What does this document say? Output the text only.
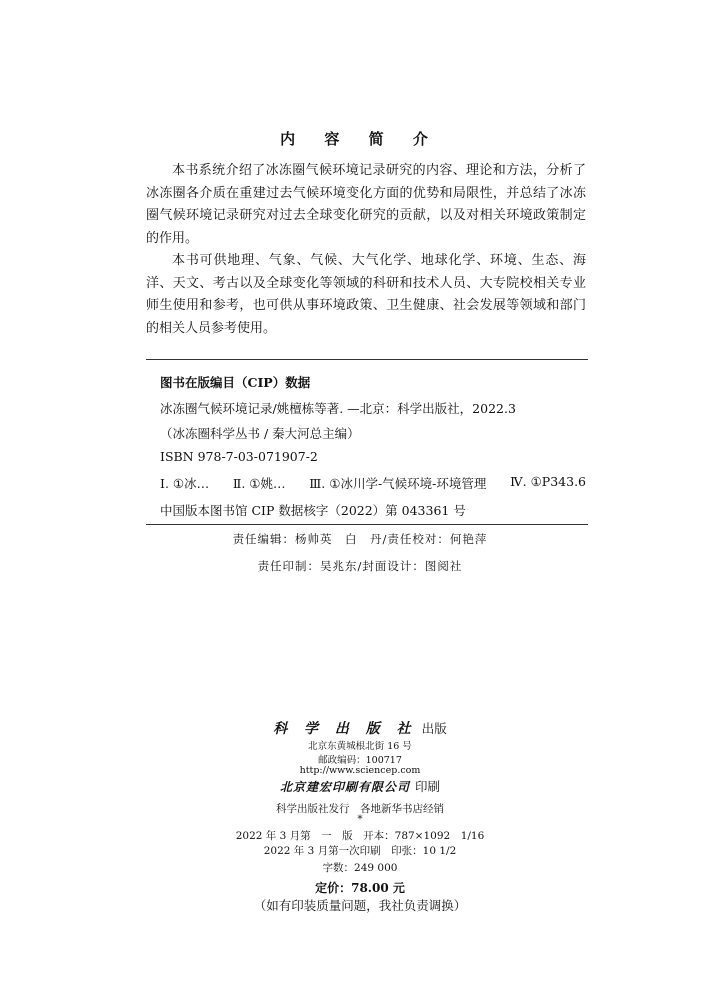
内 容 简 介

本书系统介绍了冰冻圈气候环境记录研究的内容、理论和方法，分析了冰冻圈各介质在重建过去气候环境变化方面的优势和局限性，并总结了冰冻圈气候环境记录研究对过去全球变化研究的贡献，以及对相关环境政策制定的作用。

本书可供地理、气象、气候、大气化学、地球化学、环境、生态、海洋、天文、考古以及全球变化等领域的科研和技术人员、大专院校相关专业师生使用和参考，也可供从事环境政策、卫生健康、社会发展等领域和部门的相关人员参考使用。

图书在版编目（CIP）数据
冰冻圈气候环境记录/姚檀栋等著. —北京：科学出版社，2022.3
（冰冻圈科学丛书 / 秦大河总主编）
ISBN 978-7-03-071907-2
Ⅰ. ①冰… Ⅱ. ①姚… Ⅲ. ①冰川学-气候环境-环境管理 Ⅳ. ①P343.6
中国版本图书馆 CIP 数据核字（2022）第 043361 号
责任编辑：杨帅英　白　丹/责任校对：何艳萍
责任印制：吴兆东/封面设计：图阅社
科 学 出 版 社 出版
北京东黄城根北街 16 号
邮政编码：100717
http://www.sciencep.com
北京建宏印刷有限公司 印刷
科学出版社发行　各地新华书店经销
*
2022 年 3 月第　一　版　开本：787×1092　1/16
2022 年 3 月第一次印刷　印张：10 1/2
字数：249 000
定价：78.00 元
（如有印装质量问题，我社负责调换）
